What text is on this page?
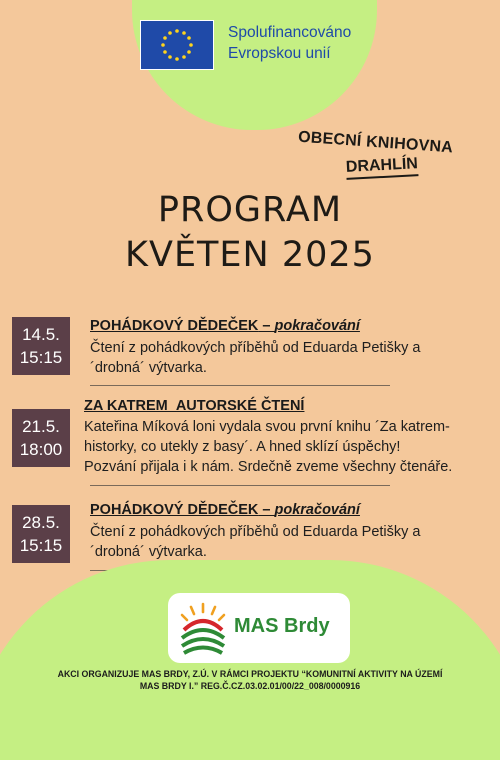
Spolufinancováno
Evropskou unií
OBECNÍ KNIHOVNA
DRAHLÍN
PROGRAM
KVĚTEN 2025
14.5.
15:15
POHÁDKOVÝ DĚDEČEK – pokračování
Čtení z pohádkových příběhů od Eduarda Petišky a
´drobná´ výtvarka.
21.5.
18:00
ZA KATREM_AUTORSKÉ ČTENÍ
Kateřina Míková loni vydala svou první knihu ´Za katrem-
historky, co utekly z basy´. A hned sklízí úspěchy!
Pozvání přijala i k nám. Srdečně zveme všechny čtenáře.
28.5.
15:15
POHÁDKOVÝ DĚDEČEK – pokračování
Čtení z pohádkových příběhů od Eduarda Petišky a
´drobná´ výtvarka.
MAS Brdy
AKCI ORGANIZUJE MAS BRDY, Z.Ú. V RÁMCI PROJEKTU “KOMUNITNÍ AKTIVITY NA ÚZEMÍ
MAS BRDY I.” REG.Č.CZ.03.02.01/00/22_008/0000916
